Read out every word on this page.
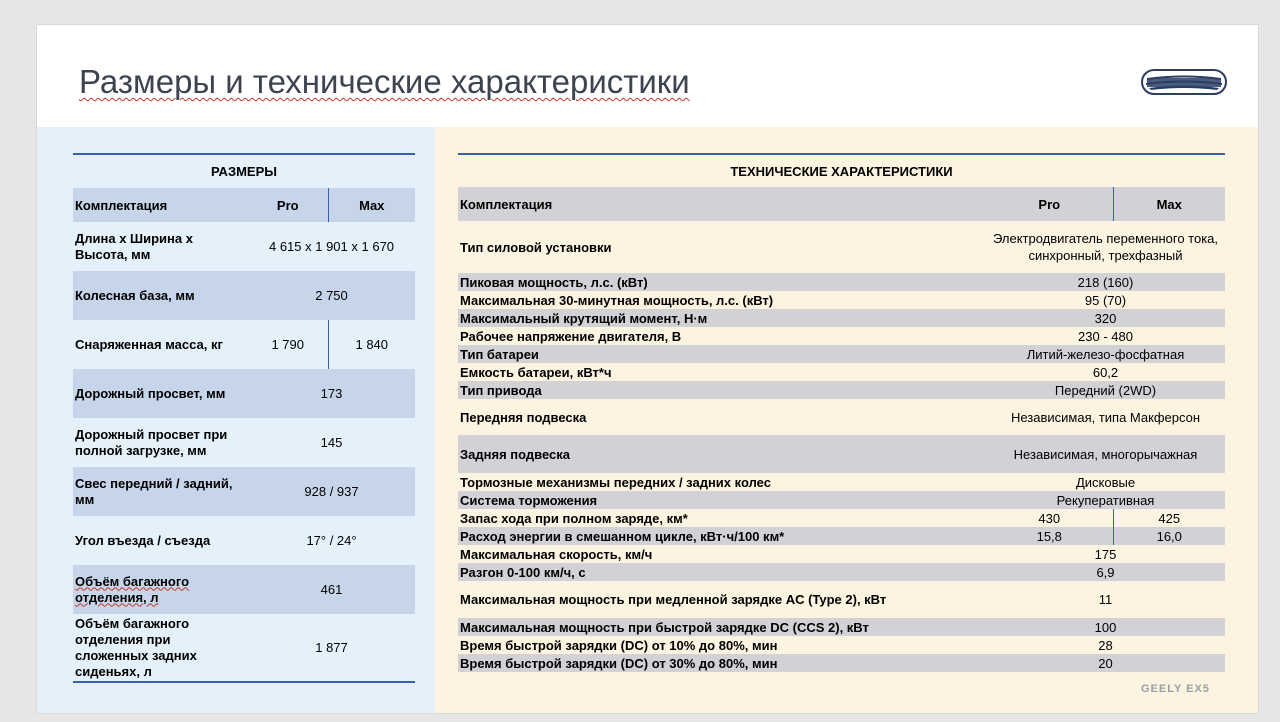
Размеры и технические характеристики
РАЗМЕРЫ		
Комплектация	Pro	Max
Длина х Ширина х Высота, мм	4 615 х 1 901 х 1 670	
Колесная база, мм	2 750	
Снаряженная масса, кг	1 790	1 840
Дорожный просвет, мм	173	
Дорожный просвет при полной загрузке, мм	145	
Свес передний / задний, мм	928 / 937	
Угол въезда / съезда	17° / 24°	
Объём багажного отделения, л	461	
Объём багажного отделения при сложенных задних сиденьях, л	1 877	
ТЕХНИЧЕСКИЕ ХАРАКТЕРИСТИКИ		
Комплектация	Pro	Max
Тип силовой установки	Электродвигатель переменного тока, синхронный, трехфазный	
Пиковая мощность, л.с. (кВт)	218 (160)	
Максимальная 30-минутная мощность, л.с. (кВт)	95 (70)	
Максимальный крутящий момент, Н·м	320	
Рабочее напряжение двигателя, В	230 - 480	
Тип батареи	Литий-железо-фосфатная	
Емкость батареи, кВт*ч	60,2	
Тип привода	Передний (2WD)	
Передняя подвеска	Независимая, типа Макферсон	
Задняя подвеска	Независимая, многорычажная	
Тормозные механизмы передних / задних колес	Дисковые	
Система торможения	Рекуперативная	
Запас хода при полном заряде, км*	430	425
Расход энергии в смешанном цикле, кВт·ч/100 км*	15,8	16,0
Максимальная скорость, км/ч	175	
Разгон 0-100 км/ч, с	6,9	
Максимальная мощность при медленной зарядке AC (Type 2), кВт	11	
Максимальная мощность при быстрой зарядке DC (CCS 2), кВт	100	
Время быстрой зарядки (DC) от 10% до 80%, мин	28	
Время быстрой зарядки (DC) от 30% до 80%, мин	20	
GEELY EX5
